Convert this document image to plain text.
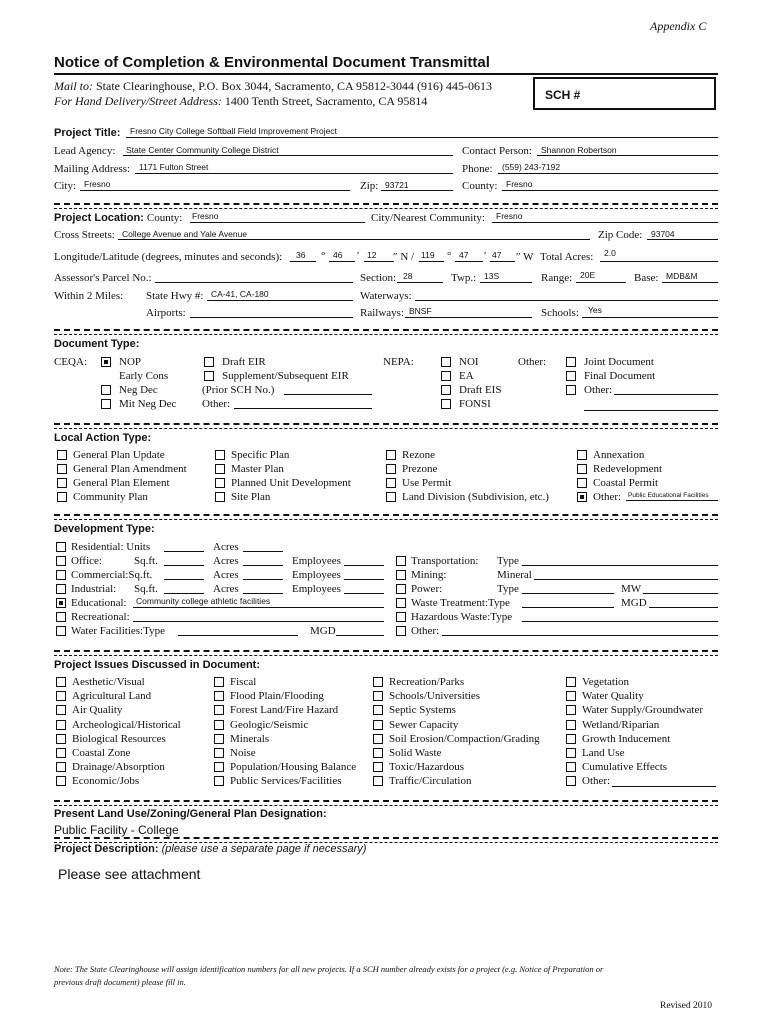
Appendix C
Notice of Completion & Environmental Document Transmittal
Mail to: State Clearinghouse, P.O. Box 3044, Sacramento, CA 95812-3044 (916) 445-0613
For Hand Delivery/Street Address: 1400 Tenth Street, Sacramento, CA 95814	SCH #
Project Title: Fresno City College Softball Field Improvement Project
Lead Agency: State Center Community College District	Contact Person: Shannon Robertson
Mailing Address: 1171 Fulton Street	Phone: (559) 243-7192
City: Fresno	Zip: 93721	County: Fresno
Project Location: County: Fresno	City/Nearest Community: Fresno
Cross Streets: College Avenue and Yale Avenue	Zip Code: 93704
Longitude/Latitude (degrees, minutes and seconds): 36 ° 46 ′ 12 ″ N / 119 ° 47 ′ 47 ″ W Total Acres: 2.0
Assessor's Parcel No.:	Section: 28	Twp.: 13S	Range: 20E	Base: MDB&M
Within 2 Miles: State Hwy #: CA-41, CA-180	Waterways:
Airports:	Railways: BNSF	Schools: Yes
Document Type:
CEQA:	NOP
Early Cons
Neg Dec
Mit Neg Dec
Draft EIR
Supplement/Subsequent EIR
(Prior SCH No.)
Other:
NEPA:	NOI
EA
Draft EIS
FONSI
Other:	Joint Document
Final Document
Other:
Local Action Type:
General Plan Update
General Plan Amendment
General Plan Element
Community Plan
Specific Plan
Master Plan
Planned Unit Development
Site Plan
Rezone
Prezone
Use Permit
Land Division (Subdivision, etc.)
Annexation
Redevelopment
Coastal Permit
Other: Public Educational Facilities
Development Type:
Residential: Units	Acres
Office:	Sq.ft.	Acres	Employees
Commercial:Sq.ft.	Acres	Employees
Industrial: Sq.ft.	Acres	Employees
Educational: Community college athletic facilities
Recreational:
Water Facilities:Type	MGD
Transportation: Type
Mining:	Mineral
Power:	Type	MW
Waste Treatment:Type	MGD
Hazardous Waste:Type
Other:
Project Issues Discussed in Document:
Aesthetic/Visual
Agricultural Land
Air Quality
Archeological/Historical
Biological Resources
Coastal Zone
Drainage/Absorption
Economic/Jobs
Fiscal
Flood Plain/Flooding
Forest Land/Fire Hazard
Geologic/Seismic
Minerals
Noise
Population/Housing Balance
Public Services/Facilities
Recreation/Parks
Schools/Universities
Septic Systems
Sewer Capacity
Soil Erosion/Compaction/Grading
Solid Waste
Toxic/Hazardous
Traffic/Circulation
Vegetation
Water Quality
Water Supply/Groundwater
Wetland/Riparian
Growth Inducement
Land Use
Cumulative Effects
Other:
Present Land Use/Zoning/General Plan Designation:
Public Facility - College
Project Description: (please use a separate page if necessary)
Please see attachment
Note: The State Clearinghouse will assign identification numbers for all new projects. If a SCH number already exists for a project (e.g. Notice of Preparation or
previous draft document) please fill in.
Revised 2010
